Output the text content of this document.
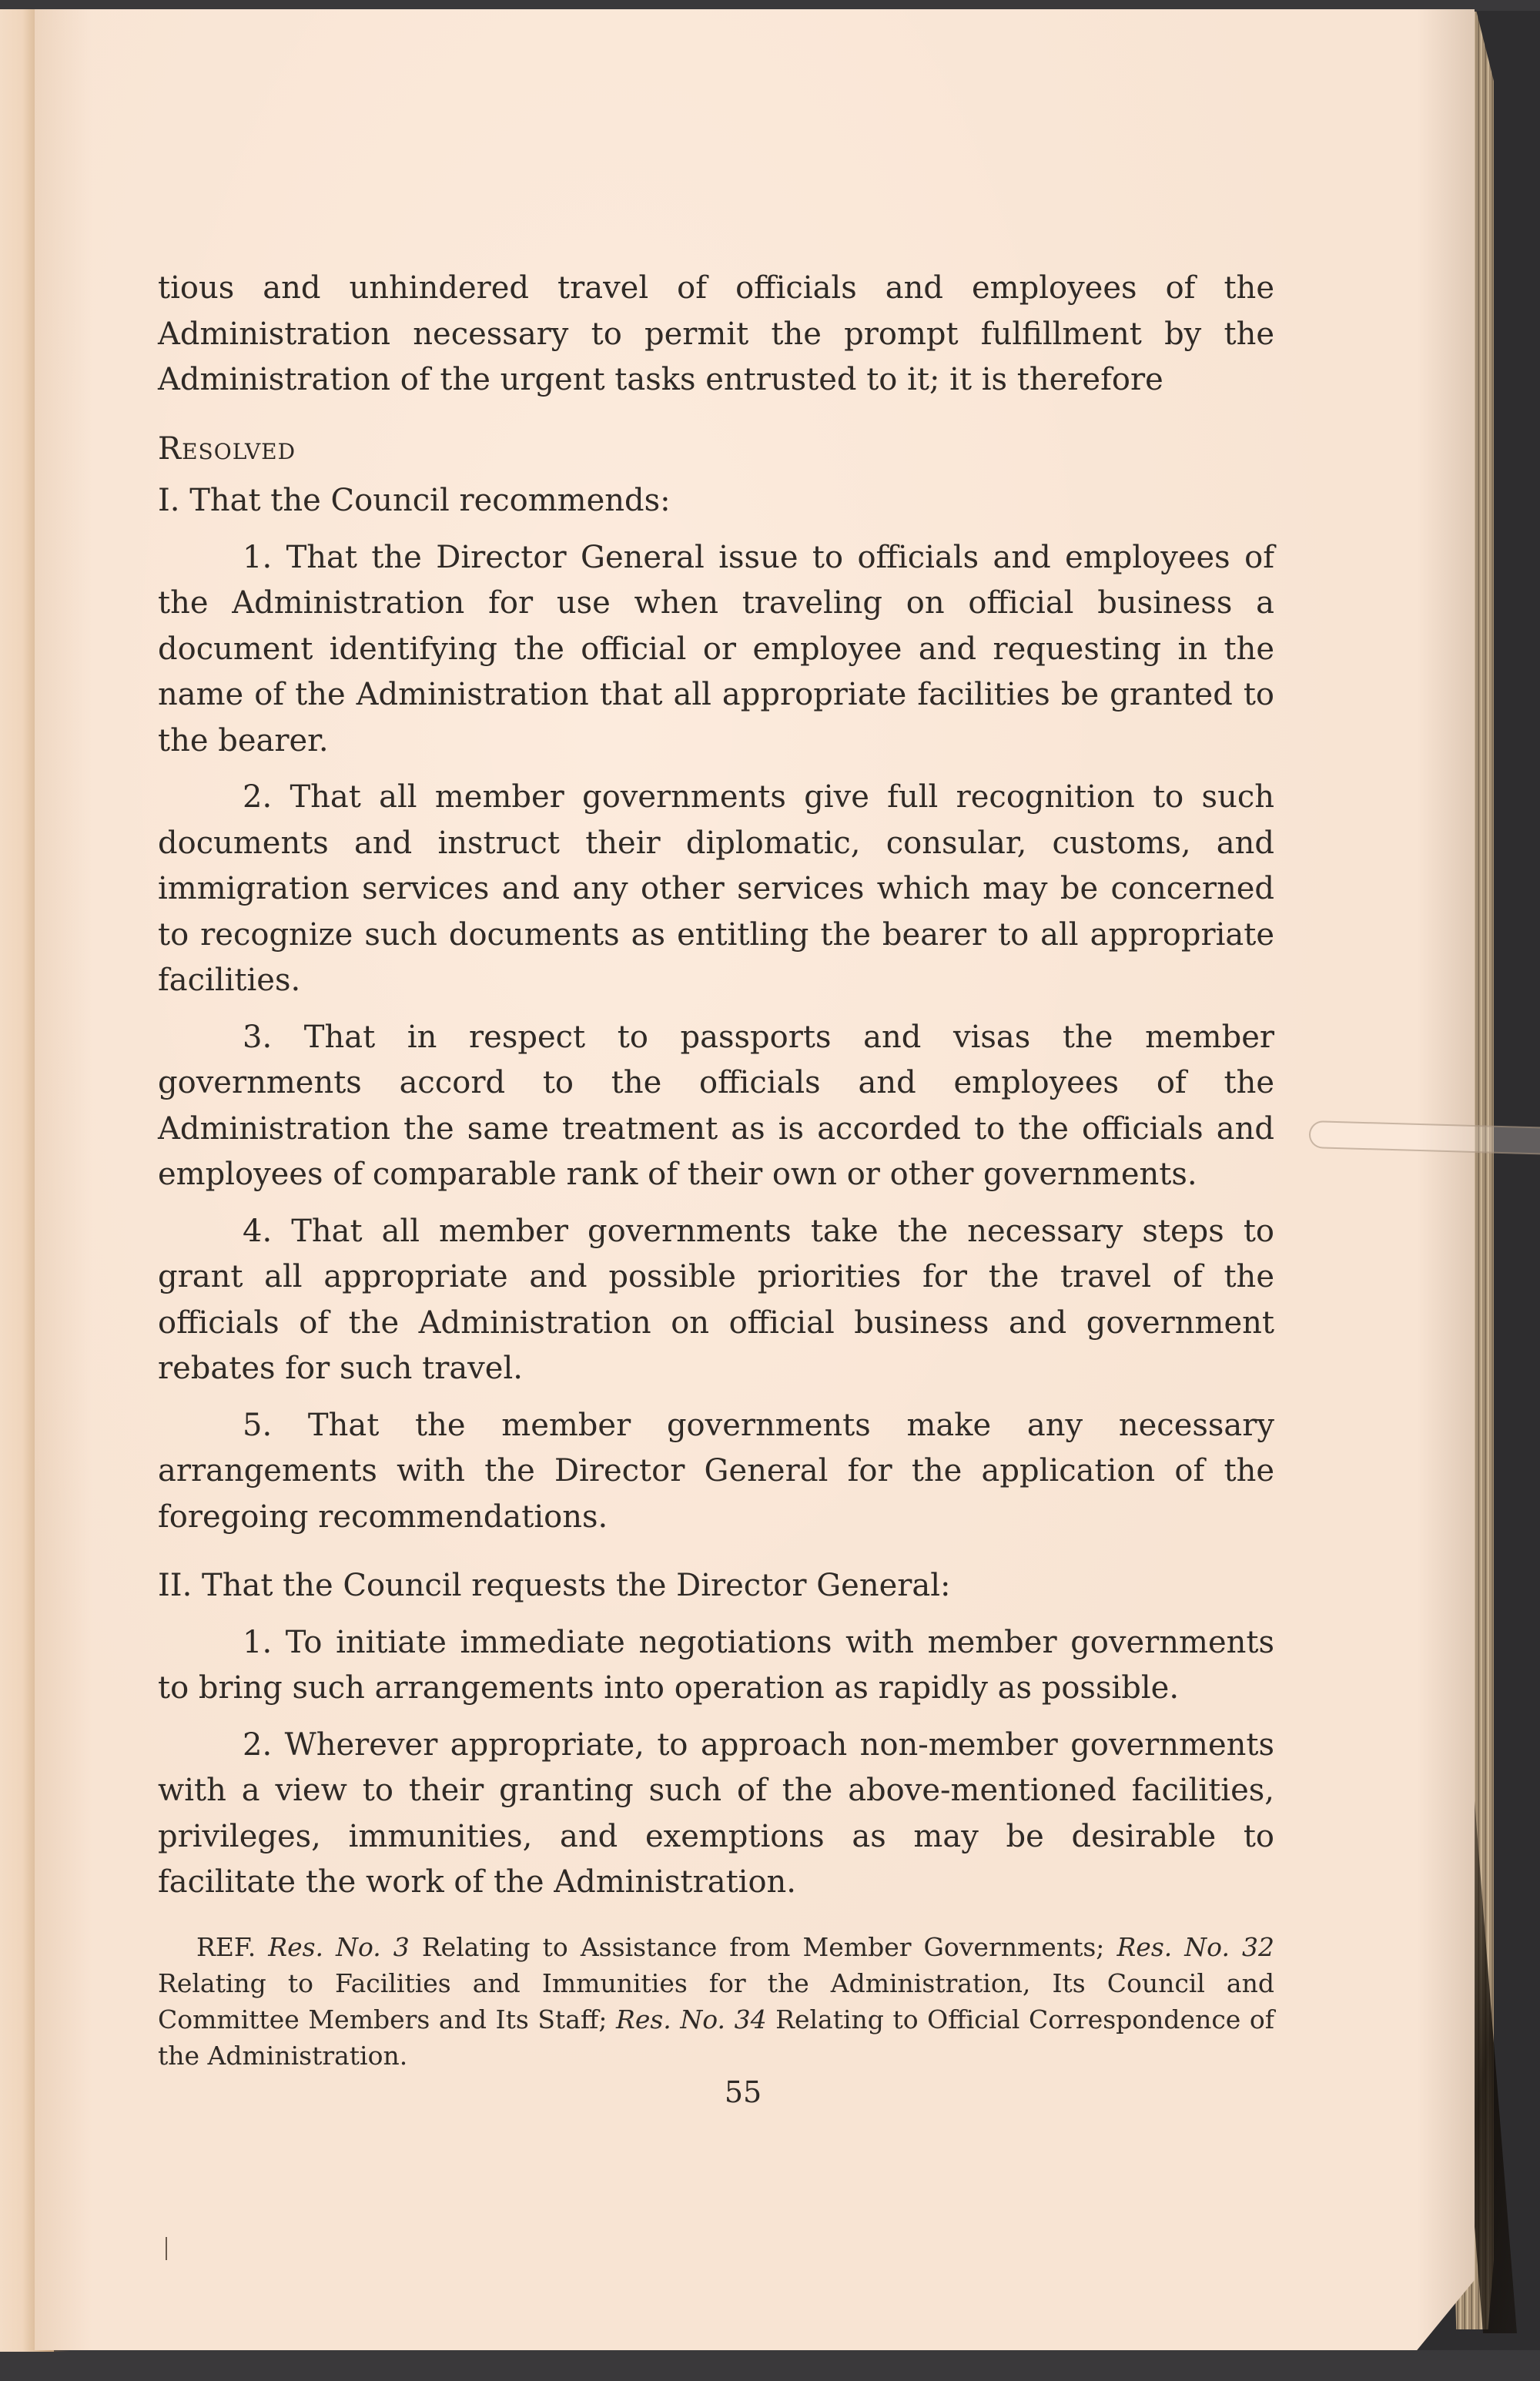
tious and unhindered travel of officials and employees of the Administration necessary to permit the prompt fulfillment by the Administration of the urgent tasks entrusted to it; it is therefore

Resolved

I. That the Council recommends:

1. That the Director General issue to officials and employees of the Administration for use when traveling on official business a document identifying the official or employee and requesting in the name of the Administration that all appropriate facilities be granted to the bearer.

2. That all member governments give full recognition to such documents and instruct their diplomatic, consular, customs, and immigration services and any other services which may be concerned to recognize such documents as entitling the bearer to all appropriate facilities.

3. That in respect to passports and visas the member governments accord to the officials and employees of the Administration the same treatment as is accorded to the officials and employees of comparable rank of their own or other governments.

4. That all member governments take the necessary steps to grant all appropriate and possible priorities for the travel of the officials of the Administration on official business and government rebates for such travel.

5. That the member governments make any necessary arrangements with the Director General for the application of the foregoing recommendations.

II. That the Council requests the Director General:

1. To initiate immediate negotiations with member governments to bring such arrangements into operation as rapidly as possible.

2. Wherever appropriate, to approach non-member governments with a view to their granting such of the above-mentioned facilities, privileges, immunities, and exemptions as may be desirable to facilitate the work of the Administration.

REF. Res. No. 3 Relating to Assistance from Member Governments; Res. No. 32 Relating to Facilities and Immunities for the Administration, Its Council and Committee Members and Its Staff; Res. No. 34 Relating to Official Correspondence of the Administration.

55
